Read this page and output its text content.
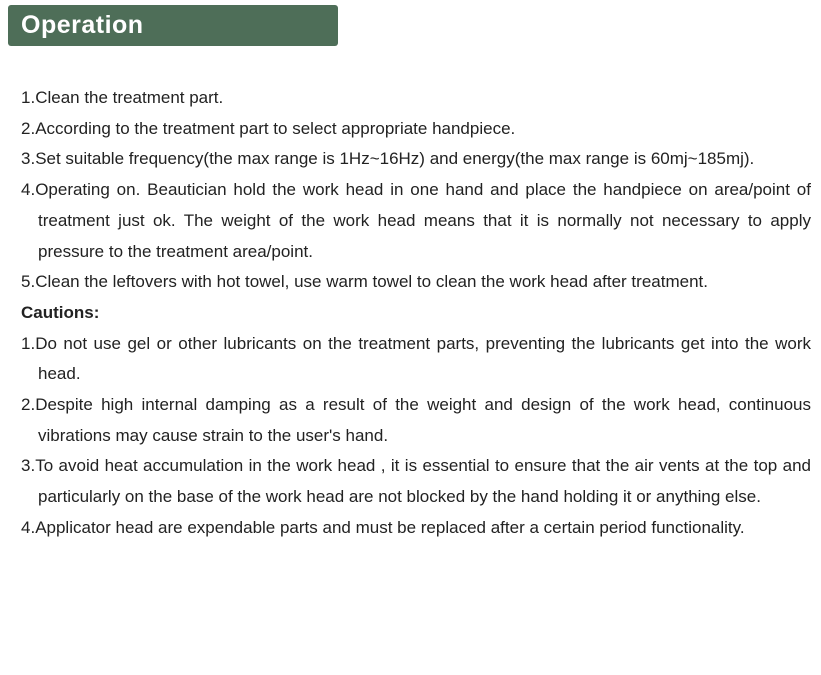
Operation
1.Clean the treatment part.
2.According to the treatment part to select appropriate handpiece.
3.Set suitable frequency(the max range is 1Hz~16Hz) and energy(the max range is 60mj~185mj).
4.Operating on. Beautician hold the work head in one hand and place the handpiece on area/point of treatment just ok. The weight of the work head means that it is normally not necessary to apply pressure to the treatment area/point.
5.Clean the leftovers with hot towel, use warm towel to clean the work head after treatment.
Cautions:
1.Do not use gel or other lubricants on the treatment parts, preventing the lubricants get into the work head.
2.Despite high internal damping as a result of the weight and design of the work head, continuous vibrations may cause strain to the user's hand.
3.To avoid heat accumulation in the work head , it is essential to ensure that the air vents at the top and particularly on the base of the work head are not blocked by the hand holding it or anything else.
4.Applicator head are expendable parts and must be replaced after a certain period functionality.
